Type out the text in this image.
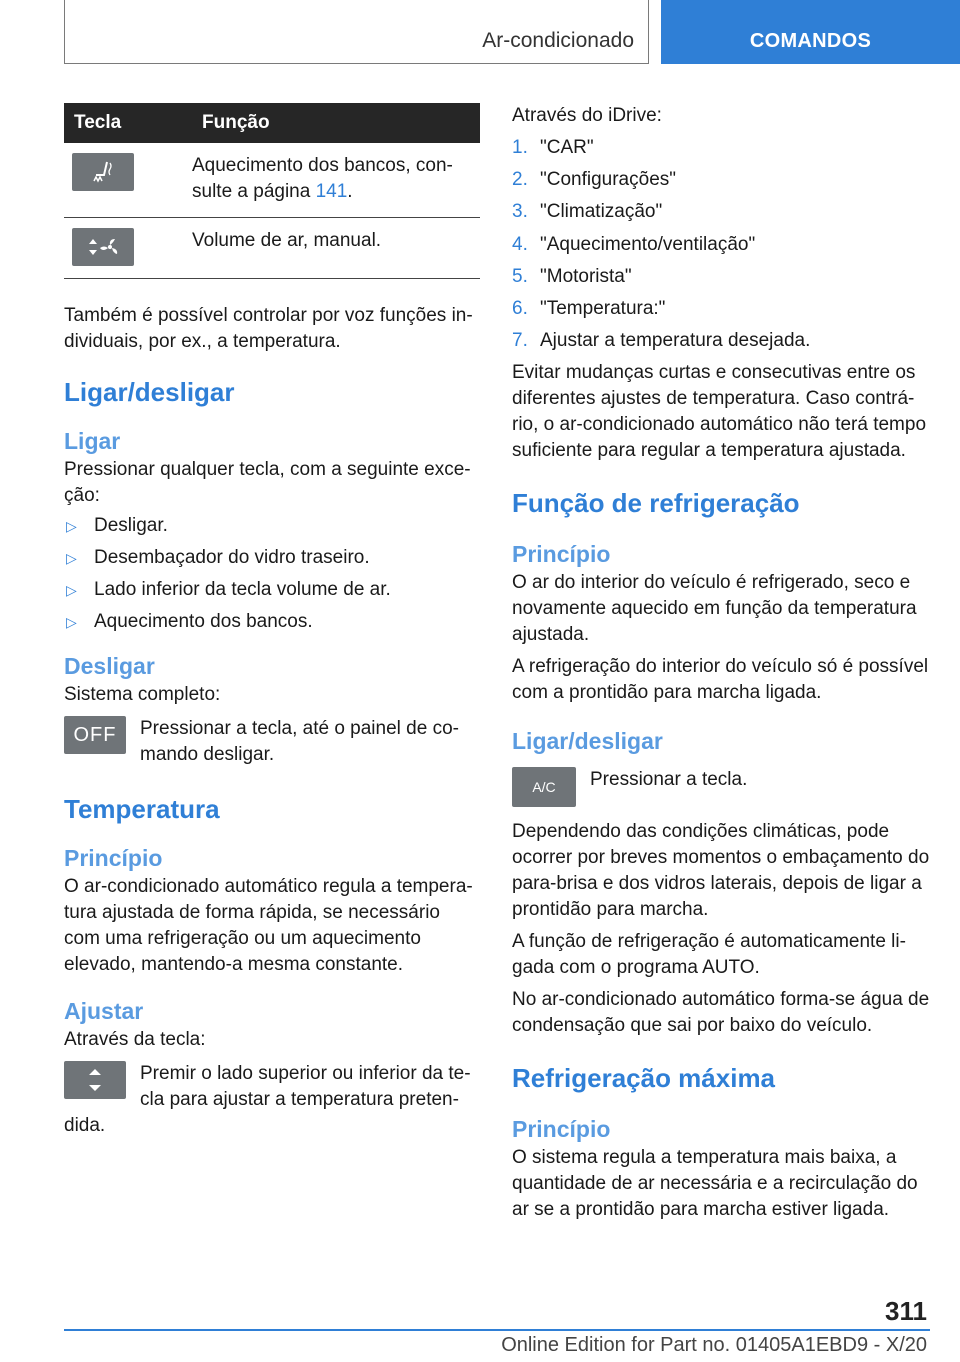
Ar-condicionado	COMANDOS
Tecla	Função

	Aquecimento dos bancos, con-sulte a página 141.

	Volume de ar, manual.

Também é possível controlar por voz funções in-dividuais, por ex., a temperatura.

Ligar/desligar
Ligar

Pressionar qualquer tecla, com a seguinte exce-ção:

▷ Desligar.
▷ Desembaçador do vidro traseiro.
▷ Lado inferior da tecla volume de ar.
▷ Aquecimento dos bancos.
Desligar

Sistema completo:

OFF	Pressionar a tecla, até o painel de co-mando desligar.

Temperatura
Princípio

O ar-condicionado automático regula a tempera-tura ajustada de forma rápida, se necessário com uma refrigeração ou um aquecimento elevado, mantendo-a mesma constante.

Ajustar

Através da tecla:

Premir o lado superior ou inferior da te-cla para ajustar a temperatura preten-dida.

Através do iDrive:

1. "CAR"
2. "Configurações"
3. "Climatização"
4. "Aquecimento/ventilação"
5. "Motorista"
6. "Temperatura:"
7. Ajustar a temperatura desejada.

Evitar mudanças curtas e consecutivas entre os diferentes ajustes de temperatura. Caso contrá-rio, o ar-condicionado automático não terá tempo suficiente para regular a temperatura ajustada.

Função de refrigeração
Princípio

O ar do interior do veículo é refrigerado, seco e novamente aquecido em função da temperatura ajustada.

A refrigeração do interior do veículo só é possível com a prontidão para marcha ligada.

Ligar/desligar
A/C	Pressionar a tecla.

Dependendo das condições climáticas, pode ocorrer por breves momentos o embaçamento do para-brisa e dos vidros laterais, depois de ligar a prontidão para marcha.

A função de refrigeração é automaticamente li-gada com o programa AUTO.

No ar-condicionado automático forma-se água de condensação que sai por baixo do veículo.

Refrigeração máxima
Princípio

O sistema regula a temperatura mais baixa, a quantidade de ar necessária e a recirculação do ar se a prontidão para marcha estiver ligada.

311
Online Edition for Part no. 01405A1EBD9 - X/20
